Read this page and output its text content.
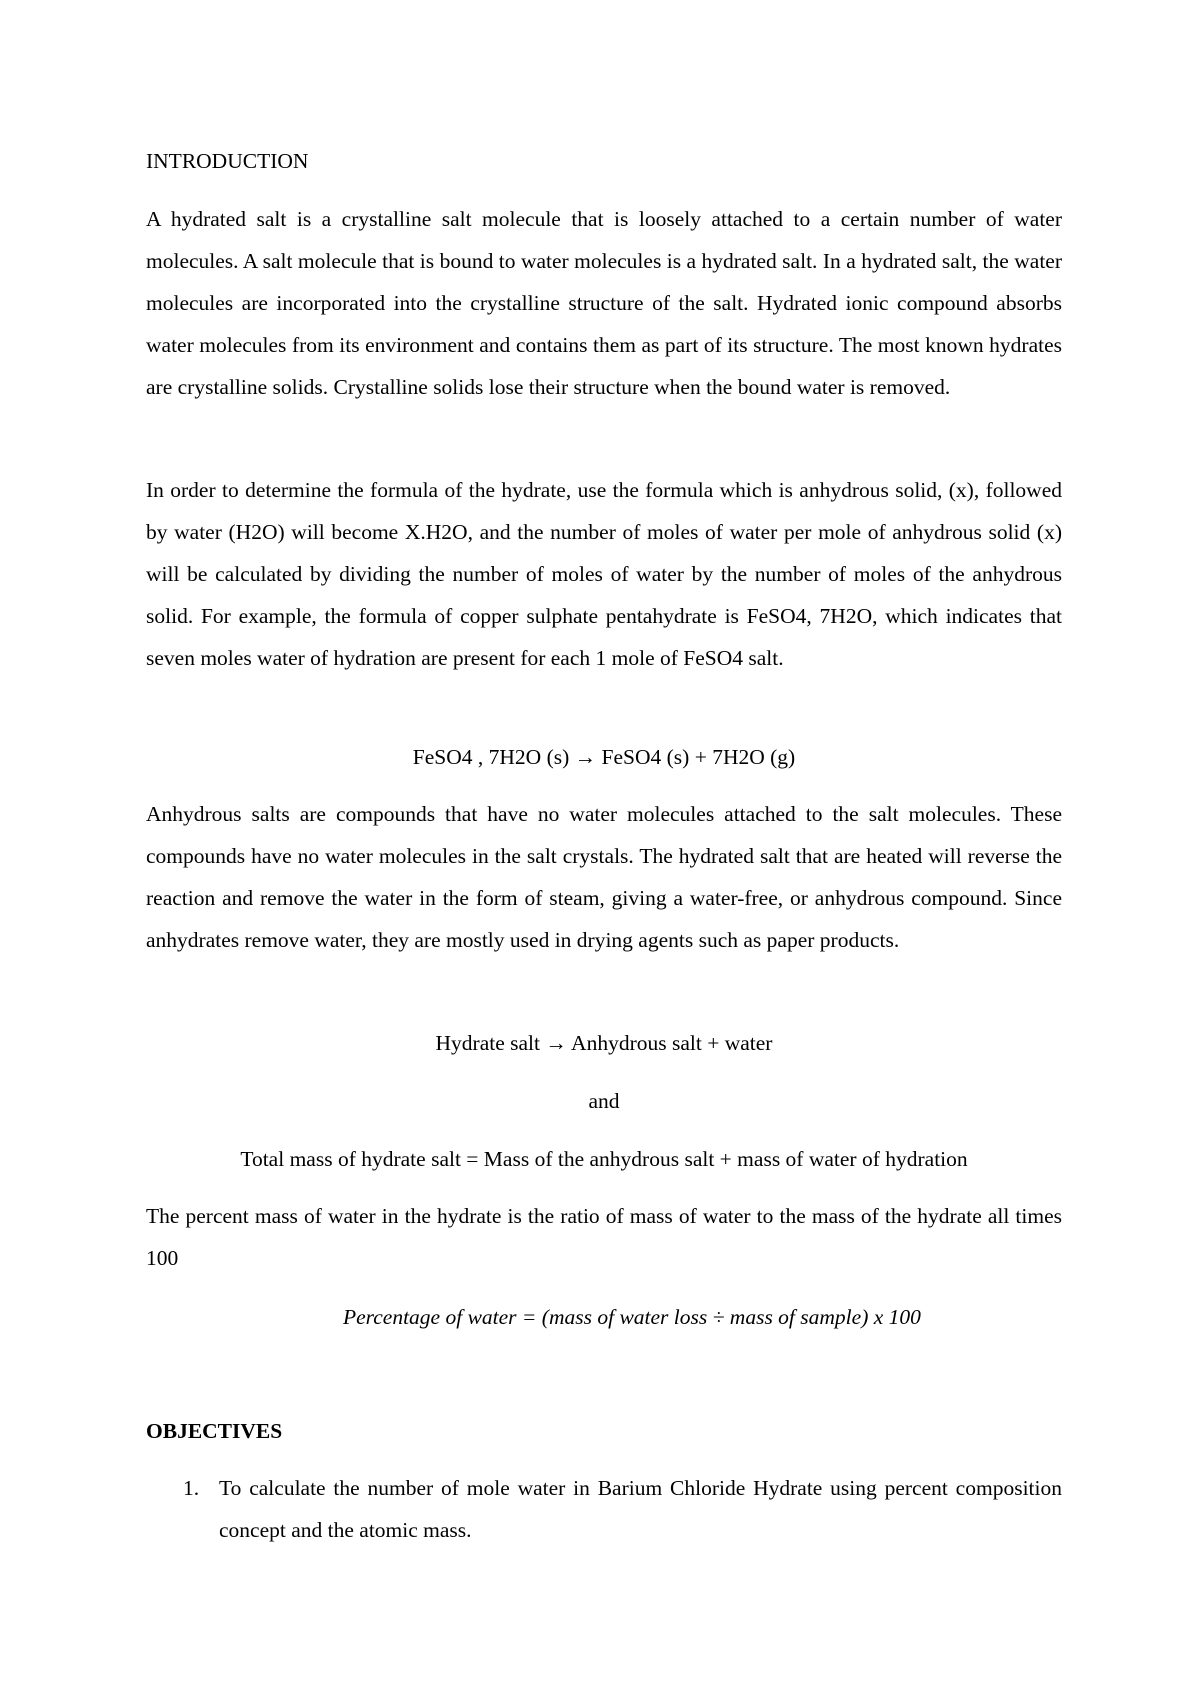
INTRODUCTION
A hydrated salt is a crystalline salt molecule that is loosely attached to a certain number of water molecules. A salt molecule that is bound to water molecules is a hydrated salt. In a hydrated salt, the water molecules are incorporated into the crystalline structure of the salt. Hydrated ionic compound absorbs water molecules from its environment and contains them as part of its structure. The most known hydrates are crystalline solids. Crystalline solids lose their structure when the bound water is removed.
In order to determine the formula of the hydrate, use the formula which is anhydrous solid, (x), followed by water (H2O) will become X.H2O, and the number of moles of water per mole of anhydrous solid (x) will be calculated by dividing the number of moles of water by the number of moles of the anhydrous solid. For example, the formula of copper sulphate pentahydrate is FeSO4, 7H2O, which indicates that seven moles water of hydration are present for each 1 mole of FeSO4 salt.
FeSO4 , 7H2O (s) → FeSO4 (s) + 7H2O (g)
Anhydrous salts are compounds that have no water molecules attached to the salt molecules. These compounds have no water molecules in the salt crystals. The hydrated salt that are heated will reverse the reaction and remove the water in the form of steam, giving a water-free, or anhydrous compound. Since anhydrates remove water, they are mostly used in drying agents such as paper products.
Hydrate salt → Anhydrous salt + water
and
Total mass of hydrate salt = Mass of the anhydrous salt + mass of water of hydration
The percent mass of water in the hydrate is the ratio of mass of water to the mass of the hydrate all times 100
Percentage of water = (mass of water loss ÷ mass of sample) x 100
OBJECTIVES
1. To calculate the number of mole water in Barium Chloride Hydrate using percent composition concept and the atomic mass.
